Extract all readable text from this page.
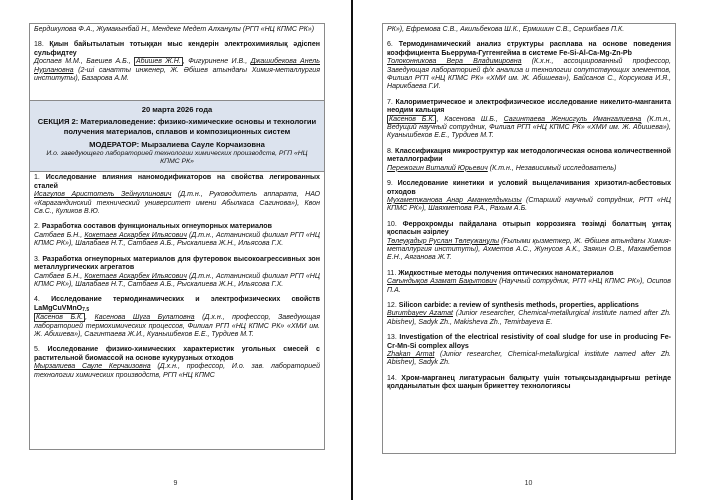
Бердикулова Ф.А., Жумакынбай Н., Мендеке Медет Алханұлы (РГП «НЦ КПМС РК»)
18. Қиын байытылатын тотыққан мыс кендерін электрохимиялық әдіспен сульфидтеу
Доспаев М.М., Баешев А.Б., Абишев Ж.Н. , Фигуриненe И.В., Джашибекова Анель Нурлановна (2-ші санатты инженер, Ж. Әбішев атындағы Химия-металлургия институты), Базарова А.М.
20 марта 2026 года
СЕКЦИЯ 2: Материаловедение: физико-химические основы и технологии получения материалов, сплавов и композиционных систем
МОДЕРАТОР: Мырзалиева Сауле Корчаизовна
И.о. заведующего лабораторией технологии химических производств, РГП «НЦ КПМС РК»
1. Исследование влияния наномодификаторов на свойства легированных сталей
Исагулов Аристотель Зейнуллинович (Д.т.н., Руководитель аппарата, НАО «Карагандинский технический университет имени Абылкаса Сагинова»), Квон Св.С., Куликов В.Ю.
2. Разработка составов функциональных огнеупорных материалов
Сатбаев Б.Н., Кокетаев Аскарбек Ильясович (Д.т.н., Астанинский филиал РГП «НЦ КПМС РК»), Шалабаев Н.Т., Сатбаев А.Б., Рыскалиева Ж.Н., Ильясова Г.Х.
3. Разработка огнеупорных материалов для футеровок высокоагрессивных зон металлургических агрегатов
Сатбаев Б.Н., Кокетаев Аскарбек Ильясович (Д.т.н., Астанинский филиал РГП «НЦ КПМС РК»), Шалабаев Н.Т., Сатбаев А.Б., Рыскалиева Ж.Н., Ильясова Г.Х.
4. Исследование термодинамических и электрофизических свойств LaMgCuVMnO$_{7.5}$
Касенов Б.К. , Касенова Шуга Булатовна (Д.х.н., профессор, Заведующая лабораторией термохимических процессов, Филиал РГП «НЦ КПМС РК» «ХМИ им. Ж. Абишева»), Сагинтаева Ж.И., Куанышбеков Е.Е., Турдиев М.Т.
5. Исследование физико-химических характеристик угольных смесей с растительной биомассой на основе кукурузных отходов
Мырзалиева Сауле Керчаизовна (Д.х.н., профессор, И.о. зав. лабораторией технологии химических производств, РГП «НЦ КПМС
9
РК»), Ефремова С.В., Акильбекова Ш.К., Ермишин С.В., Серикбаев П.К.
6. Термодинамический анализ структуры расплава на основе поведения коэффициента Бьеррума-Гуггенгейма в системе Fe-Si-Al-Ca-Mg-Zn-Pb
Толоконникова Вера Владимировна (К.х.н., ассоциированный профессор, Заведующая лабораторией ф/х анализа и технологии сопутствующих элементов, Филиал РГП «НЦ КПМС РК» «ХМИ им. Ж. Абишева»), Байсанов С., Корсукова И.Я., Нарикбаева Г.И.
7. Калориметрическое и электрофизическое исследование никелито-манганита неодим кальция
Касенов Б.К. , Касенова Ш.Б., Сагинтаева Женисгуль Имангалиевна (К.т.н., Ведущий научный сотрудник, Филиал РГП «НЦ КПМС РК» «ХМИ им. Ж. Абишева»), Куанышбеков Е.Е., Турдиев М.Т.
8. Классификация микроструктур как методологическая основа количественной металлографии
Пережогин Виталий Юрьевич (К.т.н., Независимый исследователь)
9. Исследование кинетики и условий выщелачивания хризотил-асбестовых отходов
Мухаметжанова Анар Аманкелдыкызы (Старший научный сотрудник, РГП «НЦ КПМС РК»), Шаяхметова Р.А., Рахым А.Б.
10. Феррохромды пайдалана отырып коррозияға төзімді болаттың ұнтақ қоспасын әзірлеу
Төлеуқадыр Руслан Төлеужанұлы (Ғылыми қызметкер, Ж. Әбішев атындағы Химия-металлургия институты), Ахметов А.С., Жунусов А.К., Заякин О.В., Махамбетов Е.Н., Аяганова Ж.Т.
11. Жидкостные методы получения оптических наноматериалов
Сағындықов Азамат Бақытович (Научный сотрудник, РГП «НЦ КПМС РК»), Осипов П.А.
12. Silicon carbide: a review of synthesis methods, properties, applications
Burumbayev Azamat (Junior researcher, Chemical-metallurgical institute named after Zh. Abishev), Sadyk Zh., Makisheva Zh., Temirbayeva E.
13. Investigation of the electrical resistivity of coal sludge for use in producing Fe-Cr-Mn-Si complex alloys
Zhakan Armat (Junior researcher, Chemical-metallurgical institute named after Zh. Abishev), Sadyk Zh.
14. Хром-марганец лигатурасын балқыту үшін тотықсыздандырғыш ретінде қолданылатын фсх шаңын брикеттеу технологиясы
10
